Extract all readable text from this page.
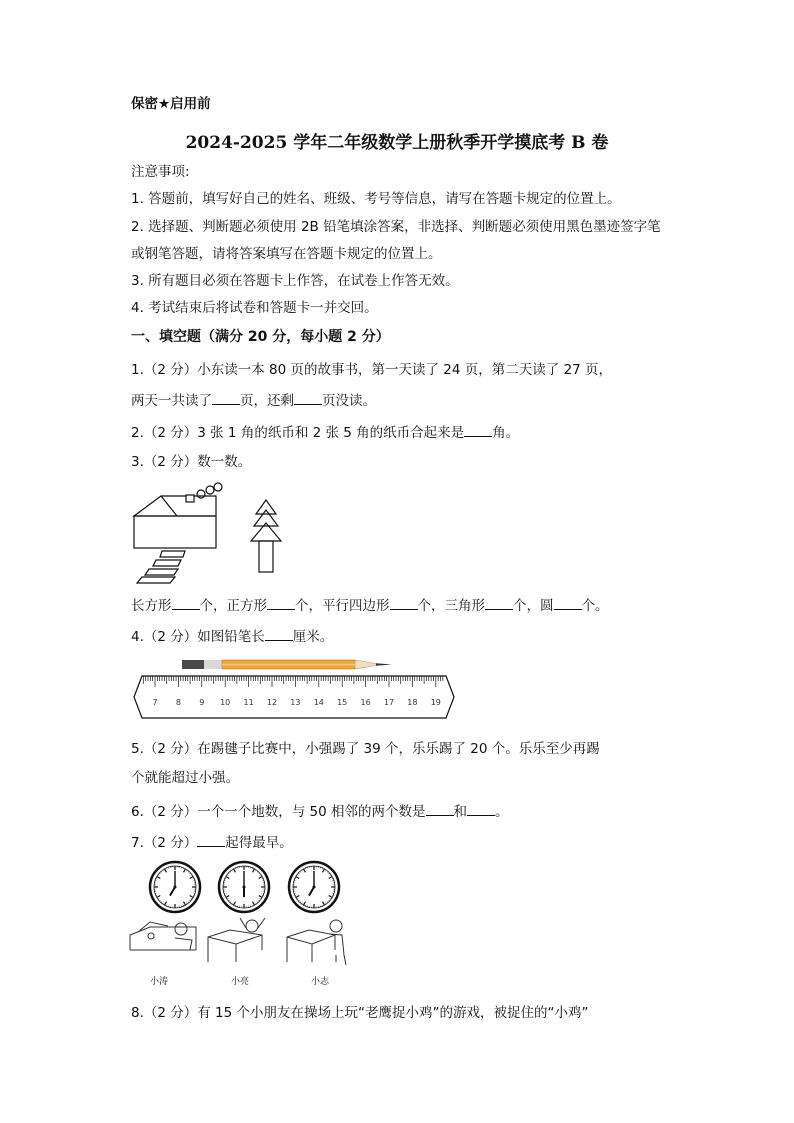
保密★启用前
2024-2025 学年二年级数学上册秋季开学摸底考 B 卷
注意事项:
1. 答题前，填写好自己的姓名、班级、考号等信息，请写在答题卡规定的位置上。
2. 选择题、判断题必须使用 2B 铅笔填涂答案，非选择、判断题必须使用黑色墨迹签字笔
或钢笔答题，请将答案填写在答题卡规定的位置上。
3. 所有题目必须在答题卡上作答，在试卷上作答无效。
4. 考试结束后将试卷和答题卡一并交回。
一、填空题（满分 20 分，每小题 2 分）
1.（2 分）小东读一本 80 页的故事书，第一天读了 24 页，第二天读了 27 页，
两天一共读了 页，还剩 页没读。
2.（2 分）3 张 1 角的纸币和 2 张 5 角的纸币合起来是 角。
3.（2 分）数一数。
长方形 个，正方形 个，平行四边形 个，三角形 个，圆 个。
4.（2 分）如图铅笔长 厘米。
7 8 9 10 11 12 13 14 15 16 17 18 19
5.（2 分）在踢毽子比赛中，小强踢了 39 个，乐乐踢了 20 个。乐乐至少再踢
个就能超过小强。
6.（2 分）一个一个地数，与 50 相邻的两个数是 和 。
7.（2 分） 起得最早。
小涛	小亮	小志
8.（2 分）有 15 个小朋友在操场上玩“老鹰捉小鸡”的游戏，被捉住的“小鸡”
